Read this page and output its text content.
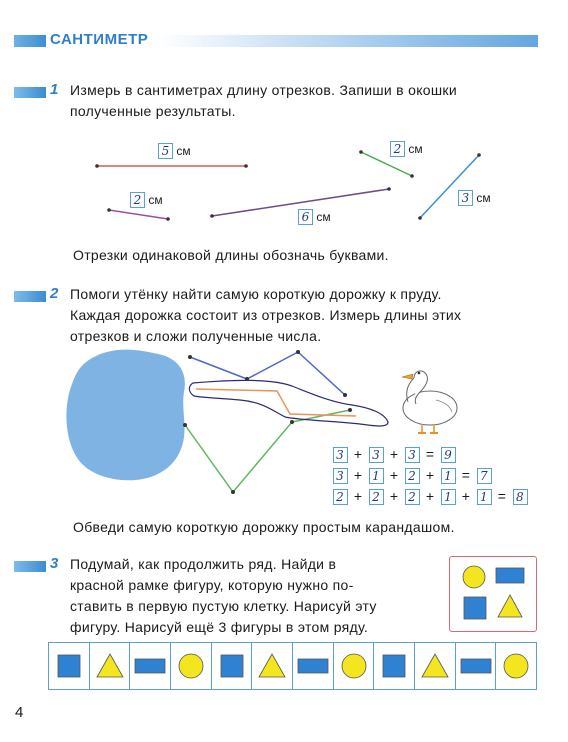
САНТИМЕТР
1 Измерь в сантиметрах длину отрезков. Запиши в окошки
полученные результаты.
5 см
2 см
2 см
6 см
3 см
Отрезки одинаковой длины обозначь буквами.
2 Помоги утёнку найти самую короткую дорожку к пруду.
Каждая дорожка состоит из отрезков. Измерь длины этих
отрезков и сложи полученные числа.
3 + 3 + 3 = 9
3 + 1 + 2 + 1 = 7
2 + 2 + 2 + 1 + 1 = 8
Обведи самую короткую дорожку простым карандашом.
3 Подумай, как продолжить ряд. Найди в
красной рамке фигуру, которую нужно по-
ставить в первую пустую клетку. Нарисуй эту
фигуру. Нарисуй ещё 3 фигуры в этом ряду.
4
